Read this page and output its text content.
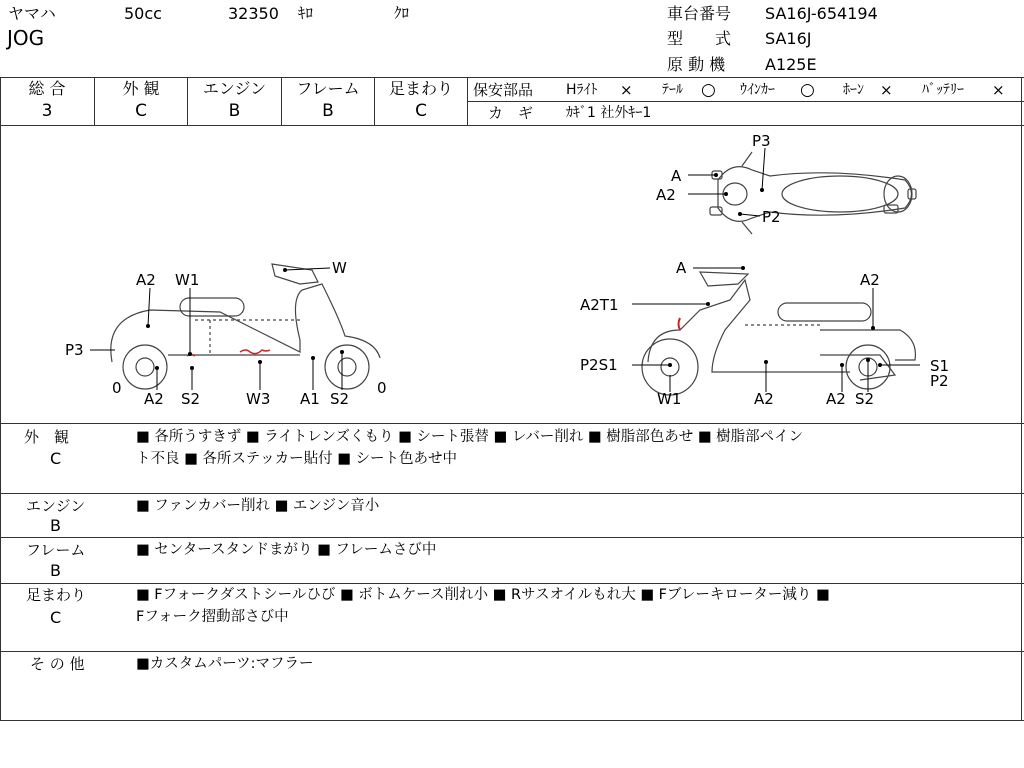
ヤマハ	50cc	32350 ｷﾛ	ｸﾛ
JOG
車台番号 SA16J-654194
型　　式 SA16J
原 動 機 A125E
総 合
3
外 観
C
エンジン
B
フレーム
B
足まわり
C
保安部品 Hﾗｲﾄ × ﾃｰﾙ ○ ｳｲﾝｶｰ ○ ﾎｰﾝ × ﾊﾞｯﾃﾘｰ ×
カ　ギ ｶｷﾞ1 社外ｷｰ1
A
A2
P3
P2
A2 W1
W
P3
0	0
A2 S2	W3 A1 S2
A
A2
A2T1
P2S1
W1	A2	A2 S2
S1
P2
外　観
C
■ 各所うすきず ■ ライトレンズくもり ■ シート張替 ■ レバー削れ ■ 樹脂部色あせ ■ 樹脂部ペイン
ト不良 ■ 各所ステッカー貼付 ■ シート色あせ中
エンジン
B
■ ファンカバー削れ ■ エンジン音小
フレーム
B
■ センタースタンドまがり ■ フレームさび中
足まわり
C
■ Fフォークダストシールひび ■ ボトムケース削れ小 ■ Rサスオイルもれ大 ■ Fブレーキローター減り ■
Fフォーク摺動部さび中
そ の 他	■カスタムパーツ:マフラー
